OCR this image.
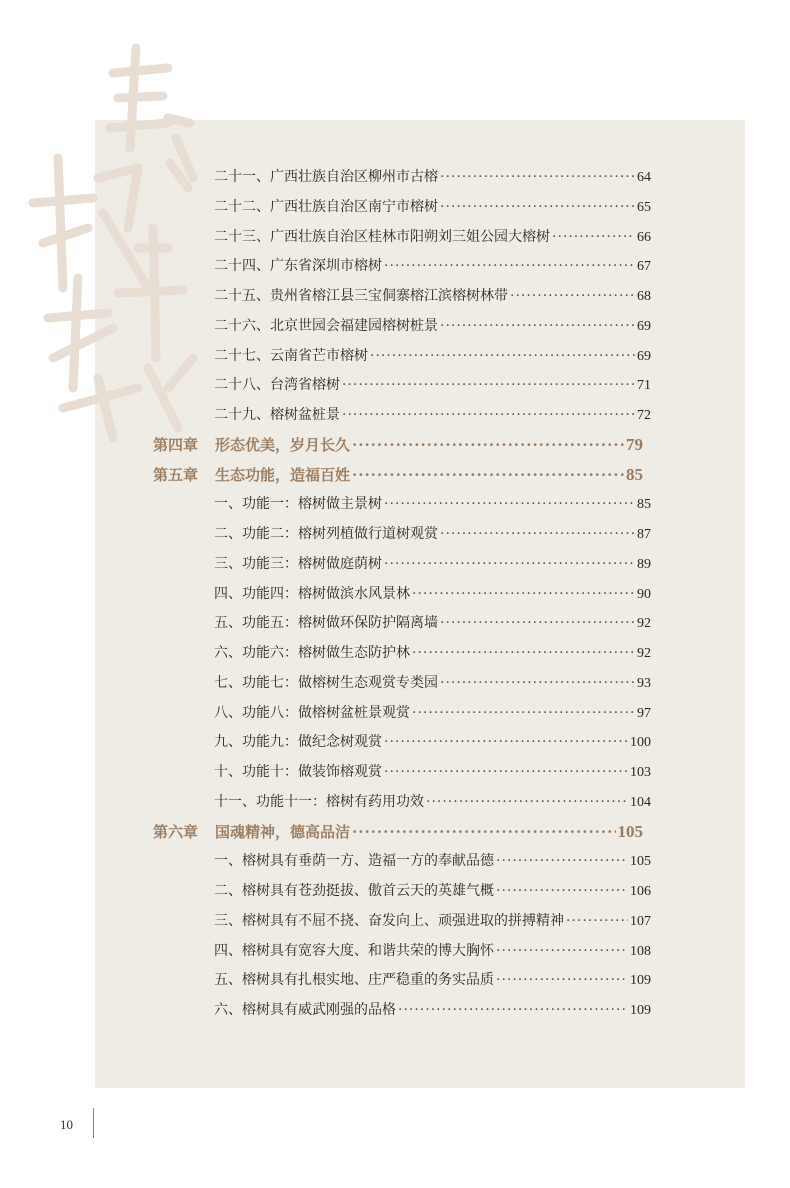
二十一、广西壮族自治区柳州市古榕 ·····	64
二十二、广西壮族自治区南宁市榕树 ·····	65
二十三、广西壮族自治区桂林市阳朔刘三姐公园大榕树 ·····	66
二十四、广东省深圳市榕树 ·····	67
二十五、贵州省榕江县三宝侗寨榕江滨榕树林带 ·····	68
二十六、北京世园会福建园榕树桩景 ·····	69
二十七、云南省芒市榕树 ·····	69
二十八、台湾省榕树 ·····	71
二十九、榕树盆桩景 ·····	72
第四章 形态优美，岁月长久 ·····	79
第五章 生态功能，造福百姓 ·····	85
一、功能一：榕树做主景树 ·····	85
二、功能二：榕树列植做行道树观赏 ·····	87
三、功能三：榕树做庭荫树 ·····	89
四、功能四：榕树做滨水风景林 ·····	90
五、功能五：榕树做环保防护隔离墙 ·····	92
六、功能六：榕树做生态防护林 ·····	92
七、功能七：做榕树生态观赏专类园 ·····	93
八、功能八：做榕树盆桩景观赏 ·····	97
九、功能九：做纪念树观赏 ·····	100
十、功能十：做装饰榕观赏 ·····	103
十一、功能十一：榕树有药用功效 ·····	104
第六章 国魂精神，德高品洁 ·····	105
一、榕树具有垂荫一方、造福一方的奉献品德 ·····	105
二、榕树具有苍劲挺拔、傲首云天的英雄气概 ·····	106
三、榕树具有不屈不挠、奋发向上、顽强进取的拼搏精神 ·····	107
四、榕树具有宽容大度、和谐共荣的博大胸怀 ·····	108
五、榕树具有扎根实地、庄严稳重的务实品质 ·····	109
六、榕树具有威武刚强的品格 ·····	109
10
